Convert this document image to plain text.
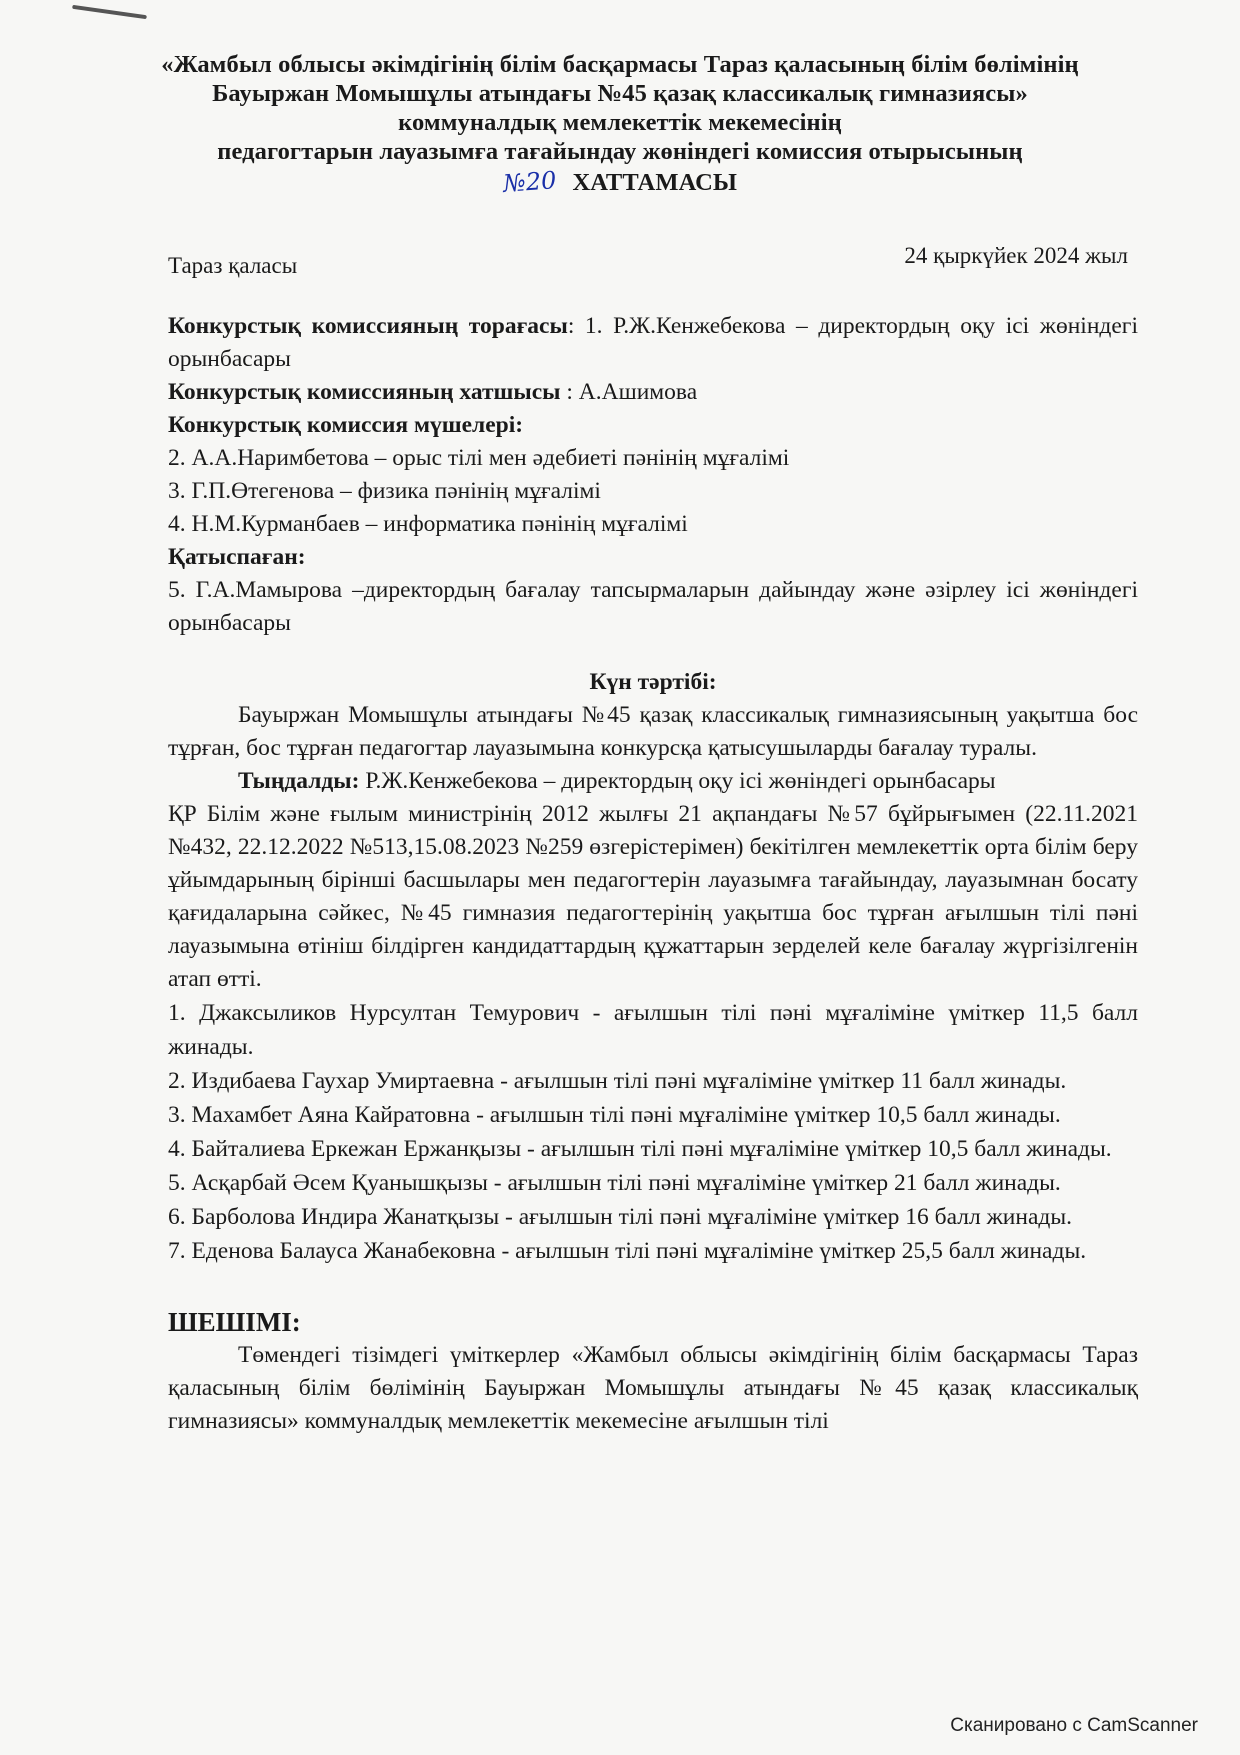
«Жамбыл облысы әкімдігінің білім басқармасы Тараз қаласының білім бөлімінің
Бауыржан Момышұлы атындағы №45 қазақ классикалық гимназиясы»
коммуналдық мемлекеттік мекемесінің
педагогтарын лауазымға тағайындау жөніндегі комиссия отырысының
№20 ХАТТАМАСЫ
Тараз қаласы	24 қыркүйек 2024 жыл

Конкурстық комиссияның торағасы: 1. Р.Ж.Кенжебекова – директордың оқу ісі жөніндегі орынбасары

Конкурстық комиссияның хатшысы : А.Ашимова

Конкурстық комиссия мүшелері:

2. А.А.Наримбетова – орыс тілі мен әдебиеті пәнінің мұғалімі

3. Г.П.Өтегенова – физика пәнінің мұғалімі

4. Н.М.Курманбаев – информатика пәнінің мұғалімі

Қатыспаған:

5. Г.А.Мамырова –директордың бағалау тапсырмаларын дайындау және әзірлеу ісі жөніндегі орынбасары

Күн тәртібі:

Бауыржан Момышұлы атындағы №45 қазақ классикалық гимназиясының уақытша бос тұрған, бос тұрған педагогтар лауазымына конкурсқа қатысушыларды бағалау туралы.

Тыңдалды: Р.Ж.Кенжебекова – директордың оқу ісі жөніндегі орынбасары

ҚР Білім және ғылым министрінің 2012 жылғы 21 ақпандағы №57 бұйрығымен (22.11.2021 №432, 22.12.2022 №513,15.08.2023 №259 өзгерістерімен) бекітілген мемлекеттік орта білім беру ұйымдарының бірінші басшылары мен педагогтерін лауазымға тағайындау, лауазымнан босату қағидаларына сәйкес, №45 гимназия педагогтерінің уақытша бос тұрған ағылшын тілі пәні лауазымына өтініш білдірген кандидаттардың құжаттарын зерделей келе бағалау жүргізілгенін атап өтті.

1. Джаксыликов Нурсултан Темурович - ағылшын тілі пәні мұғаліміне үміткер 11,5 балл жинады.

2. Издибаева Гаухар Умиртаевна - ағылшын тілі пәні мұғаліміне үміткер 11 балл жинады.

3. Махамбет Аяна Кайратовна - ағылшын тілі пәні мұғаліміне үміткер 10,5 балл жинады.

4. Байталиева Еркежан Ержанқызы - ағылшын тілі пәні мұғаліміне үміткер 10,5 балл жинады.

5. Асқарбай Әсем Қуанышқызы - ағылшын тілі пәні мұғаліміне үміткер 21 балл жинады.

6. Барболова Индира Жанатқызы - ағылшын тілі пәні мұғаліміне үміткер 16 балл жинады.

7. Еденова Балауса Жанабековна - ағылшын тілі пәні мұғаліміне үміткер 25,5 балл жинады.

ШЕШІМІ:

Төмендегі тізімдегі үміткерлер «Жамбыл облысы әкімдігінің білім басқармасы Тараз қаласының білім бөлімінің Бауыржан Момышұлы атындағы №45 қазақ классикалық гимназиясы» коммуналдық мемлекеттік мекемесіне ағылшын тілі

Сканировано с CamScanner
